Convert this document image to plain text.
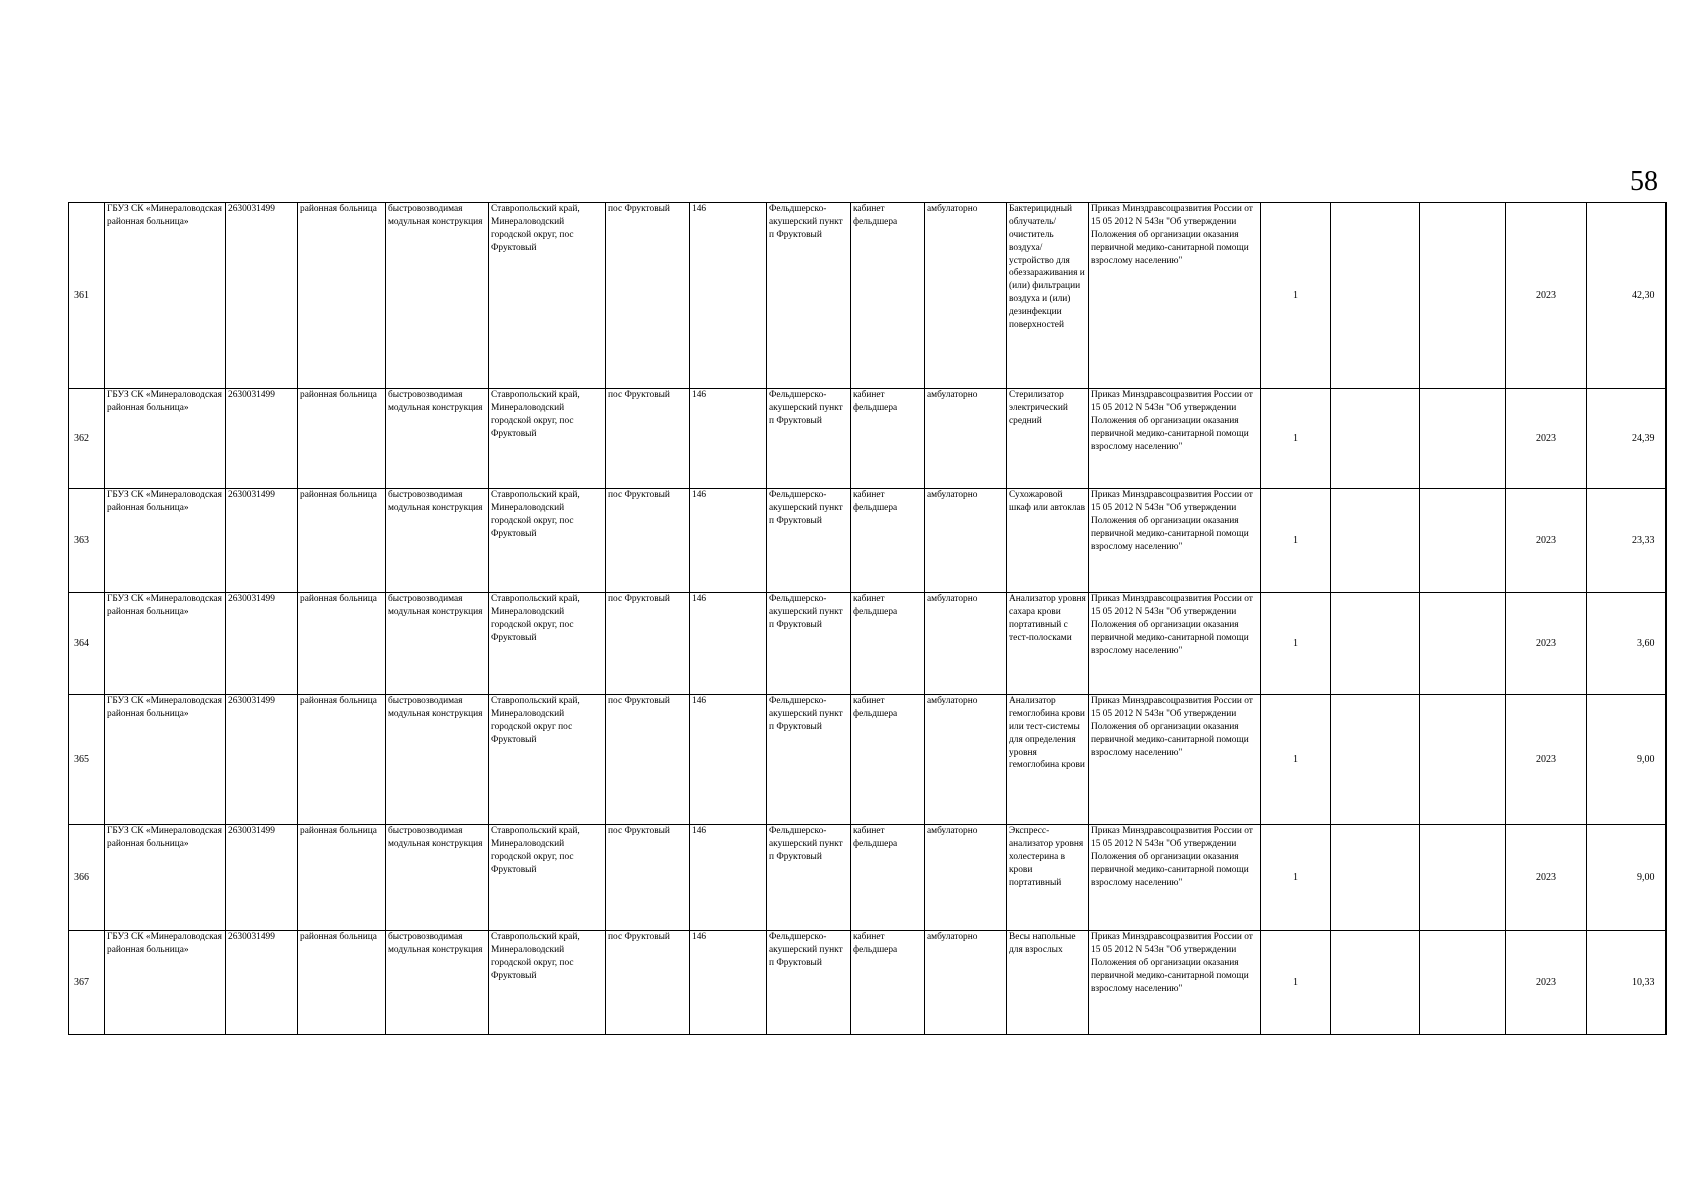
58
361	ГБУЗ СК «Минераловодская районная больница»	2630031499	районная больница	быстровозводимая модульная конструкция	Ставропольский край, Минераловодский городской округ, пос Фруктовый	пос Фруктовый	146	Фельдшерско-акушерский пункт п Фруктовый	кабинет фельдшера	амбулаторно	Бактерицидный облучатель/очиститель воздуха/устройство для обеззараживания и (или) фильтрации воздуха и (или) дезинфекции поверхностей	Приказ Минздравсоцразвития России от 15 05 2012 N 543н "Об утверждении Положения об организации оказания первичной медико-санитарной помощи взрослому населению"	1			2023	42,30
362	ГБУЗ СК «Минераловодская районная больница»	2630031499	районная больница	быстровозводимая модульная конструкция	Ставропольский край, Минераловодский городской округ, пос Фруктовый	пос Фруктовый	146	Фельдшерско-акушерский пункт п Фруктовый	кабинет фельдшера	амбулаторно	Стерилизатор электрический средний	Приказ Минздравсоцразвития России от 15 05 2012 N 543н "Об утверждении Положения об организации оказания первичной медико-санитарной помощи взрослому населению"	1			2023	24,39
363	ГБУЗ СК «Минераловодская районная больница»	2630031499	районная больница	быстровозводимая модульная конструкция	Ставропольский край, Минераловодский городской округ, пос Фруктовый	пос Фруктовый	146	Фельдшерско-акушерский пункт п Фруктовый	кабинет фельдшера	амбулаторно	Сухожаровой шкаф или автоклав	Приказ Минздравсоцразвития России от 15 05 2012 N 543н "Об утверждении Положения об организации оказания первичной медико-санитарной помощи взрослому населению"	1			2023	23,33
364	ГБУЗ СК «Минераловодская районная больница»	2630031499	районная больница	быстровозводимая модульная конструкция	Ставропольский край, Минераловодский городской округ, пос Фруктовый	пос Фруктовый	146	Фельдшерско-акушерский пункт п Фруктовый	кабинет фельдшера	амбулаторно	Анализатор уровня сахара крови портативный с тест-полосками	Приказ Минздравсоцразвития России от 15 05 2012 N 543н "Об утверждении Положения об организации оказания первичной медико-санитарной помощи взрослому населению"	1			2023	3,60
365	ГБУЗ СК «Минераловодская районная больница»	2630031499	районная больница	быстровозводимая модульная конструкция	Ставропольский край, Минераловодский городской округ пос Фруктовый	пос Фруктовый	146	Фельдшерско-акушерский пункт п Фруктовый	кабинет фельдшера	амбулаторно	Анализатор гемоглобина крови или тест-системы для определения уровня гемоглобина крови	Приказ Минздравсоцразвития России от 15 05 2012 N 543н "Об утверждении Положения об организации оказания первичной медико-санитарной помощи взрослому населению"	1			2023	9,00
366	ГБУЗ СК «Минераловодская районная больница»	2630031499	районная больница	быстровозводимая модульная конструкция	Ставропольский край, Минераловодский городской округ, пос Фруктовый	пос Фруктовый	146	Фельдшерско-акушерский пункт п Фруктовый	кабинет фельдшера	амбулаторно	Экспресс-анализатор уровня холестерина в крови портативный	Приказ Минздравсоцразвития России от 15 05 2012 N 543н "Об утверждении Положения об организации оказания первичной медико-санитарной помощи взрослому населению"	1			2023	9,00
367	ГБУЗ СК «Минераловодская районная больница»	2630031499	районная больница	быстровозводимая модульная конструкция	Ставропольский край, Минераловодский городской округ, пос Фруктовый	пос Фруктовый	146	Фельдшерско-акушерский пункт п Фруктовый	кабинет фельдшера	амбулаторно	Весы напольные для взрослых	Приказ Минздравсоцразвития России от 15 05 2012 N 543н "Об утверждении Положения об организации оказания первичной медико-санитарной помощи взрослому населению"	1			2023	10,33
